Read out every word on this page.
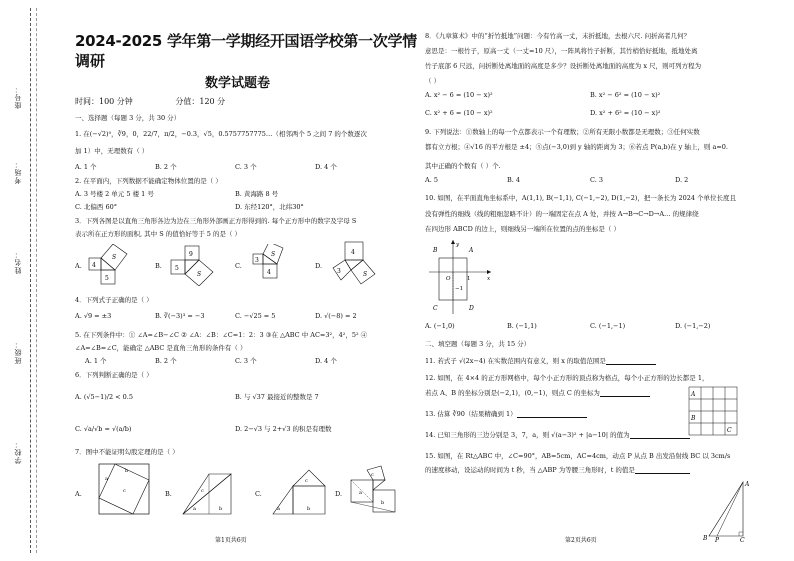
座号：
考场：
姓名：
班级：
学校：
2024-2025 学年第一学期经开国语学校第一次学情
调研
数学试题卷
时间：100 分钟	分值：120 分
一、选择题（每题 3 分，共 30 分）
1. 在(−√2)⁰，∛9，0，22/7，π/2，−0.3，√5，0.5757757775…（相邻两个 5 之间 7 的个数逐次
加 1）中，无理数有（ ）
A. 1 个	B. 2 个	C. 3 个	D. 4 个
2. 在平面内，下列数据不能确定物体位置的是（ ）
A. 3 号楼 2 单元 5 楼 1 号	B. 黄海路 8 号
C. 北偏西 60°	D. 东经120°，北纬30°
3．下列各图是以直角三角形各边为边在三角形外部画正方形得到的. 每个正方形中的数字及字母 S
表示所在正方形的面积, 其中 S 的值恰好等于 5 的是（ ）
A. 4
5
S
B.
9
5
S
C.
3
4
S
D.
4
3	S
4．下列式子正确的是（ ）
A. √9 = ±3	B. ∛(−3)³ = −3	C. −√25 = 5	D. √(−8) = 2
5. 在下列条件中：① ∠A=∠B−∠C ② ∠A：∠B：∠C=1：2：3 ③在 △ABC 中 AC=3²，4²，5² ④
∠A=∠B=∠C，能确定 △ABC 是直角三角形的条件有（ ）
A. 1 个	B. 2 个	C. 3 个	D. 4 个
6．下列判断正确的是（ ）
A. (√5−1)/2 < 0.5	B. 与 √37 最接近的整数是 7
C. √a/√b = √(a/b)	D. 2−√3 与 2+√3 的积是有理数
7．图中不能证明勾股定理的是（ ）
A.
a
b
c	B.
a	b
c	C.
a	b
c
D.	a
b
c
第1页共6页
8．《九章算术》中的“折竹抵地”问题：今有竹高一丈，末折抵地，去根六尺. 问折高者几何？
意思是：一根竹子，原高一丈（一丈=10 尺），一阵风将竹子折断，其竹梢恰好抵地，抵地处离
竹子底部 6 尺远，问折断处离地面的高度是多少？设折断处离地面的高度为 x 尺，则可列方程为
（ ）
A. x² − 6 = (10 − x)²	B. x² − 6² = (10 − x)²
C. x² + 6 = (10 − x)²	D. x² + 6² = (10 − x)²
9. 下列说法：①数轴上的每一个点都表示一个有理数；②所有无限小数都是无理数；③任何实数
都有立方根；④√16 的平方根是 ±4；⑤点(−3,0)到 y 轴的距离为 3；⑥若点 P(a,b)在 y 轴上，则 a=0.
其中正确的个数有（ ）个.
A. 5	B. 4	C. 3	D. 2
10. 如图，在平面直角坐标系中，A(1,1), B(−1,1), C(−1,−2), D(1,−2)，把一条长为 2024 个单位长度且
没有弹性的细线（线的粗细忽略不计）的一端固定在点 A 处，并按 A→B→C→D→A… 的规律绕
在四边形 ABCD 的边上，则细线另一端所在位置的点的坐标是（ ）
B	A
C	D
O	1
−1
x
y
A. (−1,0)	B. (−1,1)	C. (−1,−1)	D. (−1,−2)
二、填空题（每题 3 分，共 15 分）
11. 若式子 √(2x−4) 在实数范围内有意义，则 x 的取值范围是
12. 如图，在 4×4 的正方形网格中，每个小正方形的顶点称为格点，每个小正方形的边长都是 1，
若点 A、B 的坐标分别是(−2,1)，(0,−1)，则点 C 的坐标为	A
B
C
13. 估算 ∛90（结果精确到 1）
14. 已知三角形的三边分别是 3，7，a，则 √(a−3)² + |a−10| 的值为
15. 如图，在 Rt△ABC 中，∠C=90°，AB=5cm，AC=4cm，动点 P 从点 B 出发沿射线 BC 以 3cm/s
的速度移动，设运动的时间为 t 秒，当 △ABP 为等腰三角形时，t 的值是
A
B P	C
第2页共6页
